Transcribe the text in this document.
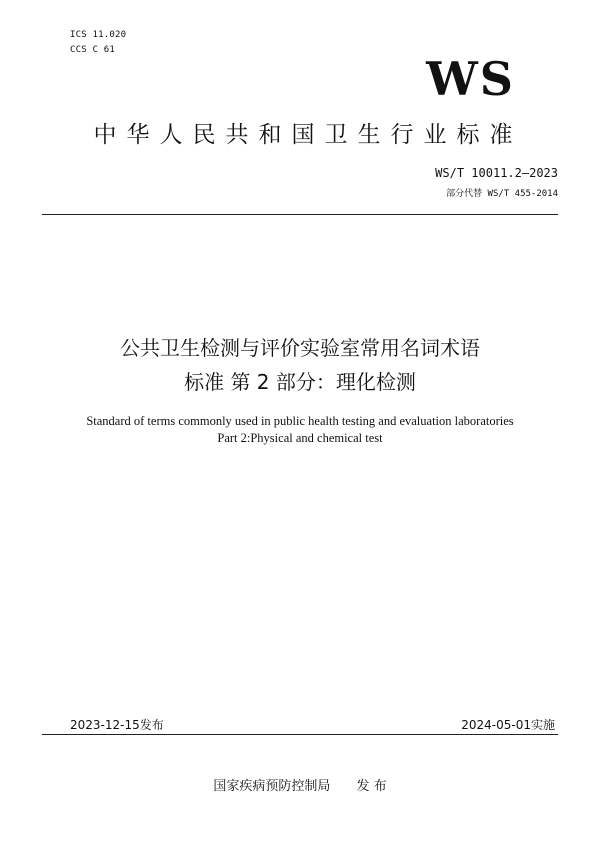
ICS 11.020
CCS C 61
WS
中华人民共和国卫生行业标准
WS/T 10011.2—2023
部分代替 WS/T 455-2014
公共卫生检测与评价实验室常用名词术语
标准 第 2 部分：理化检测
Standard of terms commonly used in public health testing and evaluation laboratories
Part 2:Physical and chemical test
2023-12-15发布	2024-05-01实施
国家疾病预防控制局 发 布
